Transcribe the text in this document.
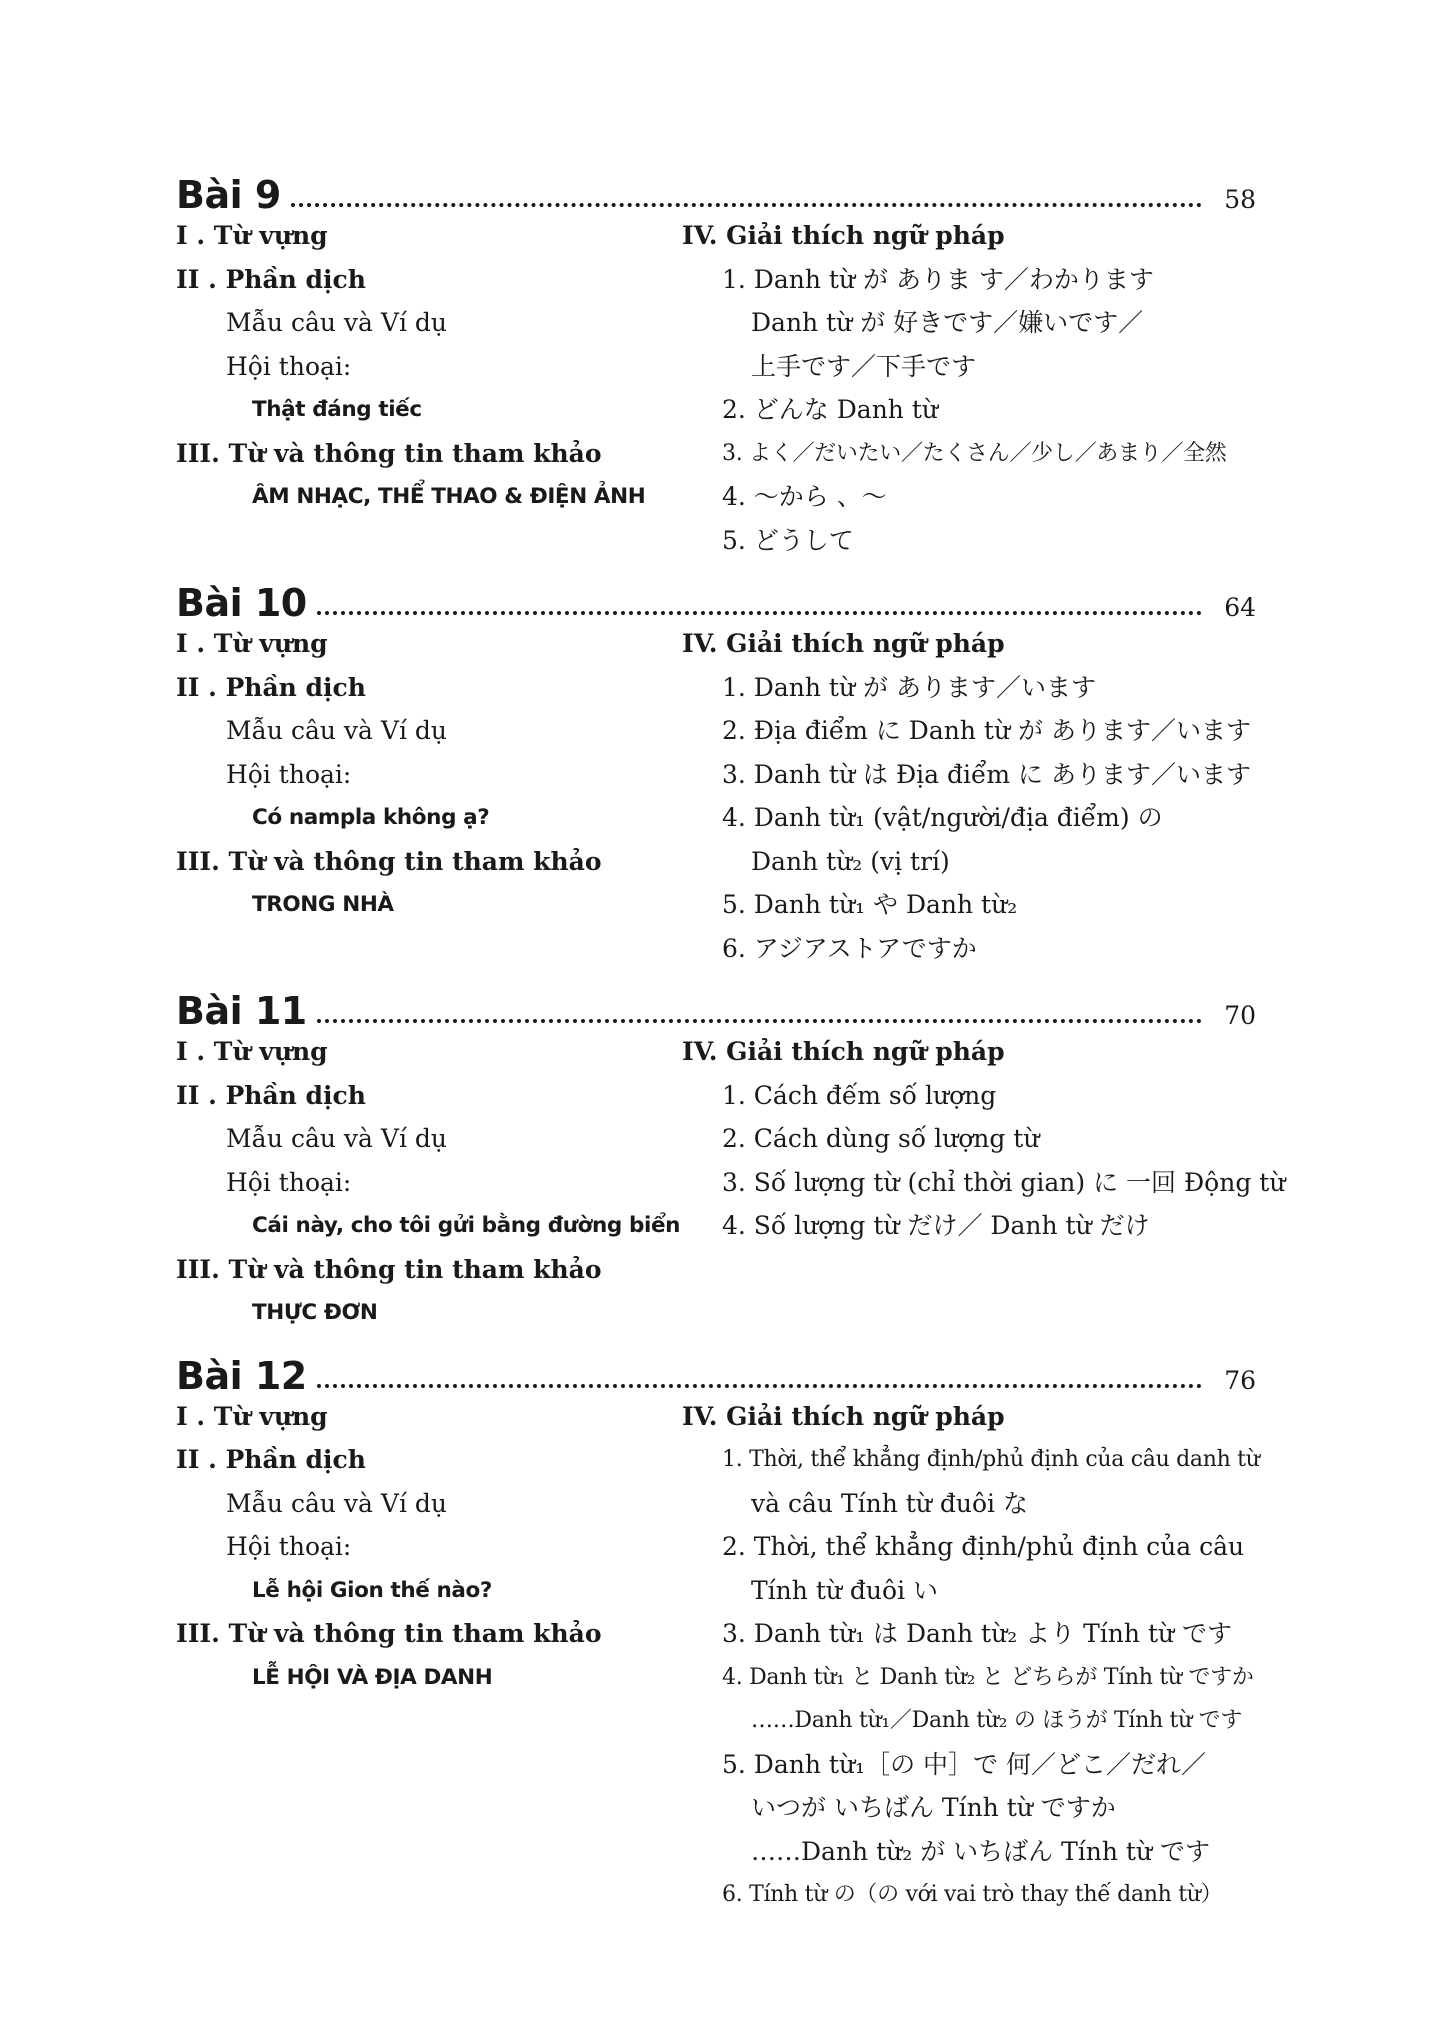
Bài 9	58
I . Từ vựng
II . Phần dịch
Mẫu câu và Ví dụ
Hội thoại:
Thật đáng tiếc
III. Từ và thông tin tham khảo
ÂM NHẠC, THỂ THAO & ĐIỆN ẢNH
IV. Giải thích ngữ pháp
1. Danh từ が ありま す／わかります
Danh từ が 好きです／嫌いです／
上手です／下手です
2. どんな Danh từ
3. よく／だいたい／たくさん／少し／あまり／全然
4. ～から 、～
5. どうして
Bài 10	64
I . Từ vựng
II . Phần dịch
Mẫu câu và Ví dụ
Hội thoại:
Có nampla không ạ?
III. Từ và thông tin tham khảo
TRONG NHÀ
IV. Giải thích ngữ pháp
1. Danh từ が あります／います
2. Địa điểm に Danh từ が あります／います
3. Danh từ は Địa điểm に あります／います
4. Danh từ₁ (vật/người/địa điểm) の
Danh từ₂ (vị trí)
5. Danh từ₁ や Danh từ₂
6. アジアストアですか
Bài 11	70
I . Từ vựng
II . Phần dịch
Mẫu câu và Ví dụ
Hội thoại:
Cái này, cho tôi gửi bằng đường biển
III. Từ và thông tin tham khảo
THỰC ĐƠN
IV. Giải thích ngữ pháp
1. Cách đếm số lượng
2. Cách dùng số lượng từ
3. Số lượng từ (chỉ thời gian) に 一回 Động từ
4. Số lượng từ だけ／ Danh từ だけ
Bài 12	76
I . Từ vựng
II . Phần dịch
Mẫu câu và Ví dụ
Hội thoại:
Lễ hội Gion thế nào?
III. Từ và thông tin tham khảo
LỄ HỘI VÀ ĐỊA DANH
IV. Giải thích ngữ pháp
1. Thời, thể khẳng định/phủ định của câu danh từ
và câu Tính từ đuôi な
2. Thời, thể khẳng định/phủ định của câu
Tính từ đuôi い
3. Danh từ₁ は Danh từ₂ より Tính từ です
4. Danh từ₁ と Danh từ₂ と どちらが Tính từ ですか
……Danh từ₁／Danh từ₂ の ほうが Tính từ です
5. Danh từ₁［の 中］で 何／どこ／だれ／
いつが いちばん Tính từ ですか
……Danh từ₂ が いちばん Tính từ です
6. Tính từ の（の với vai trò thay thế danh từ）
